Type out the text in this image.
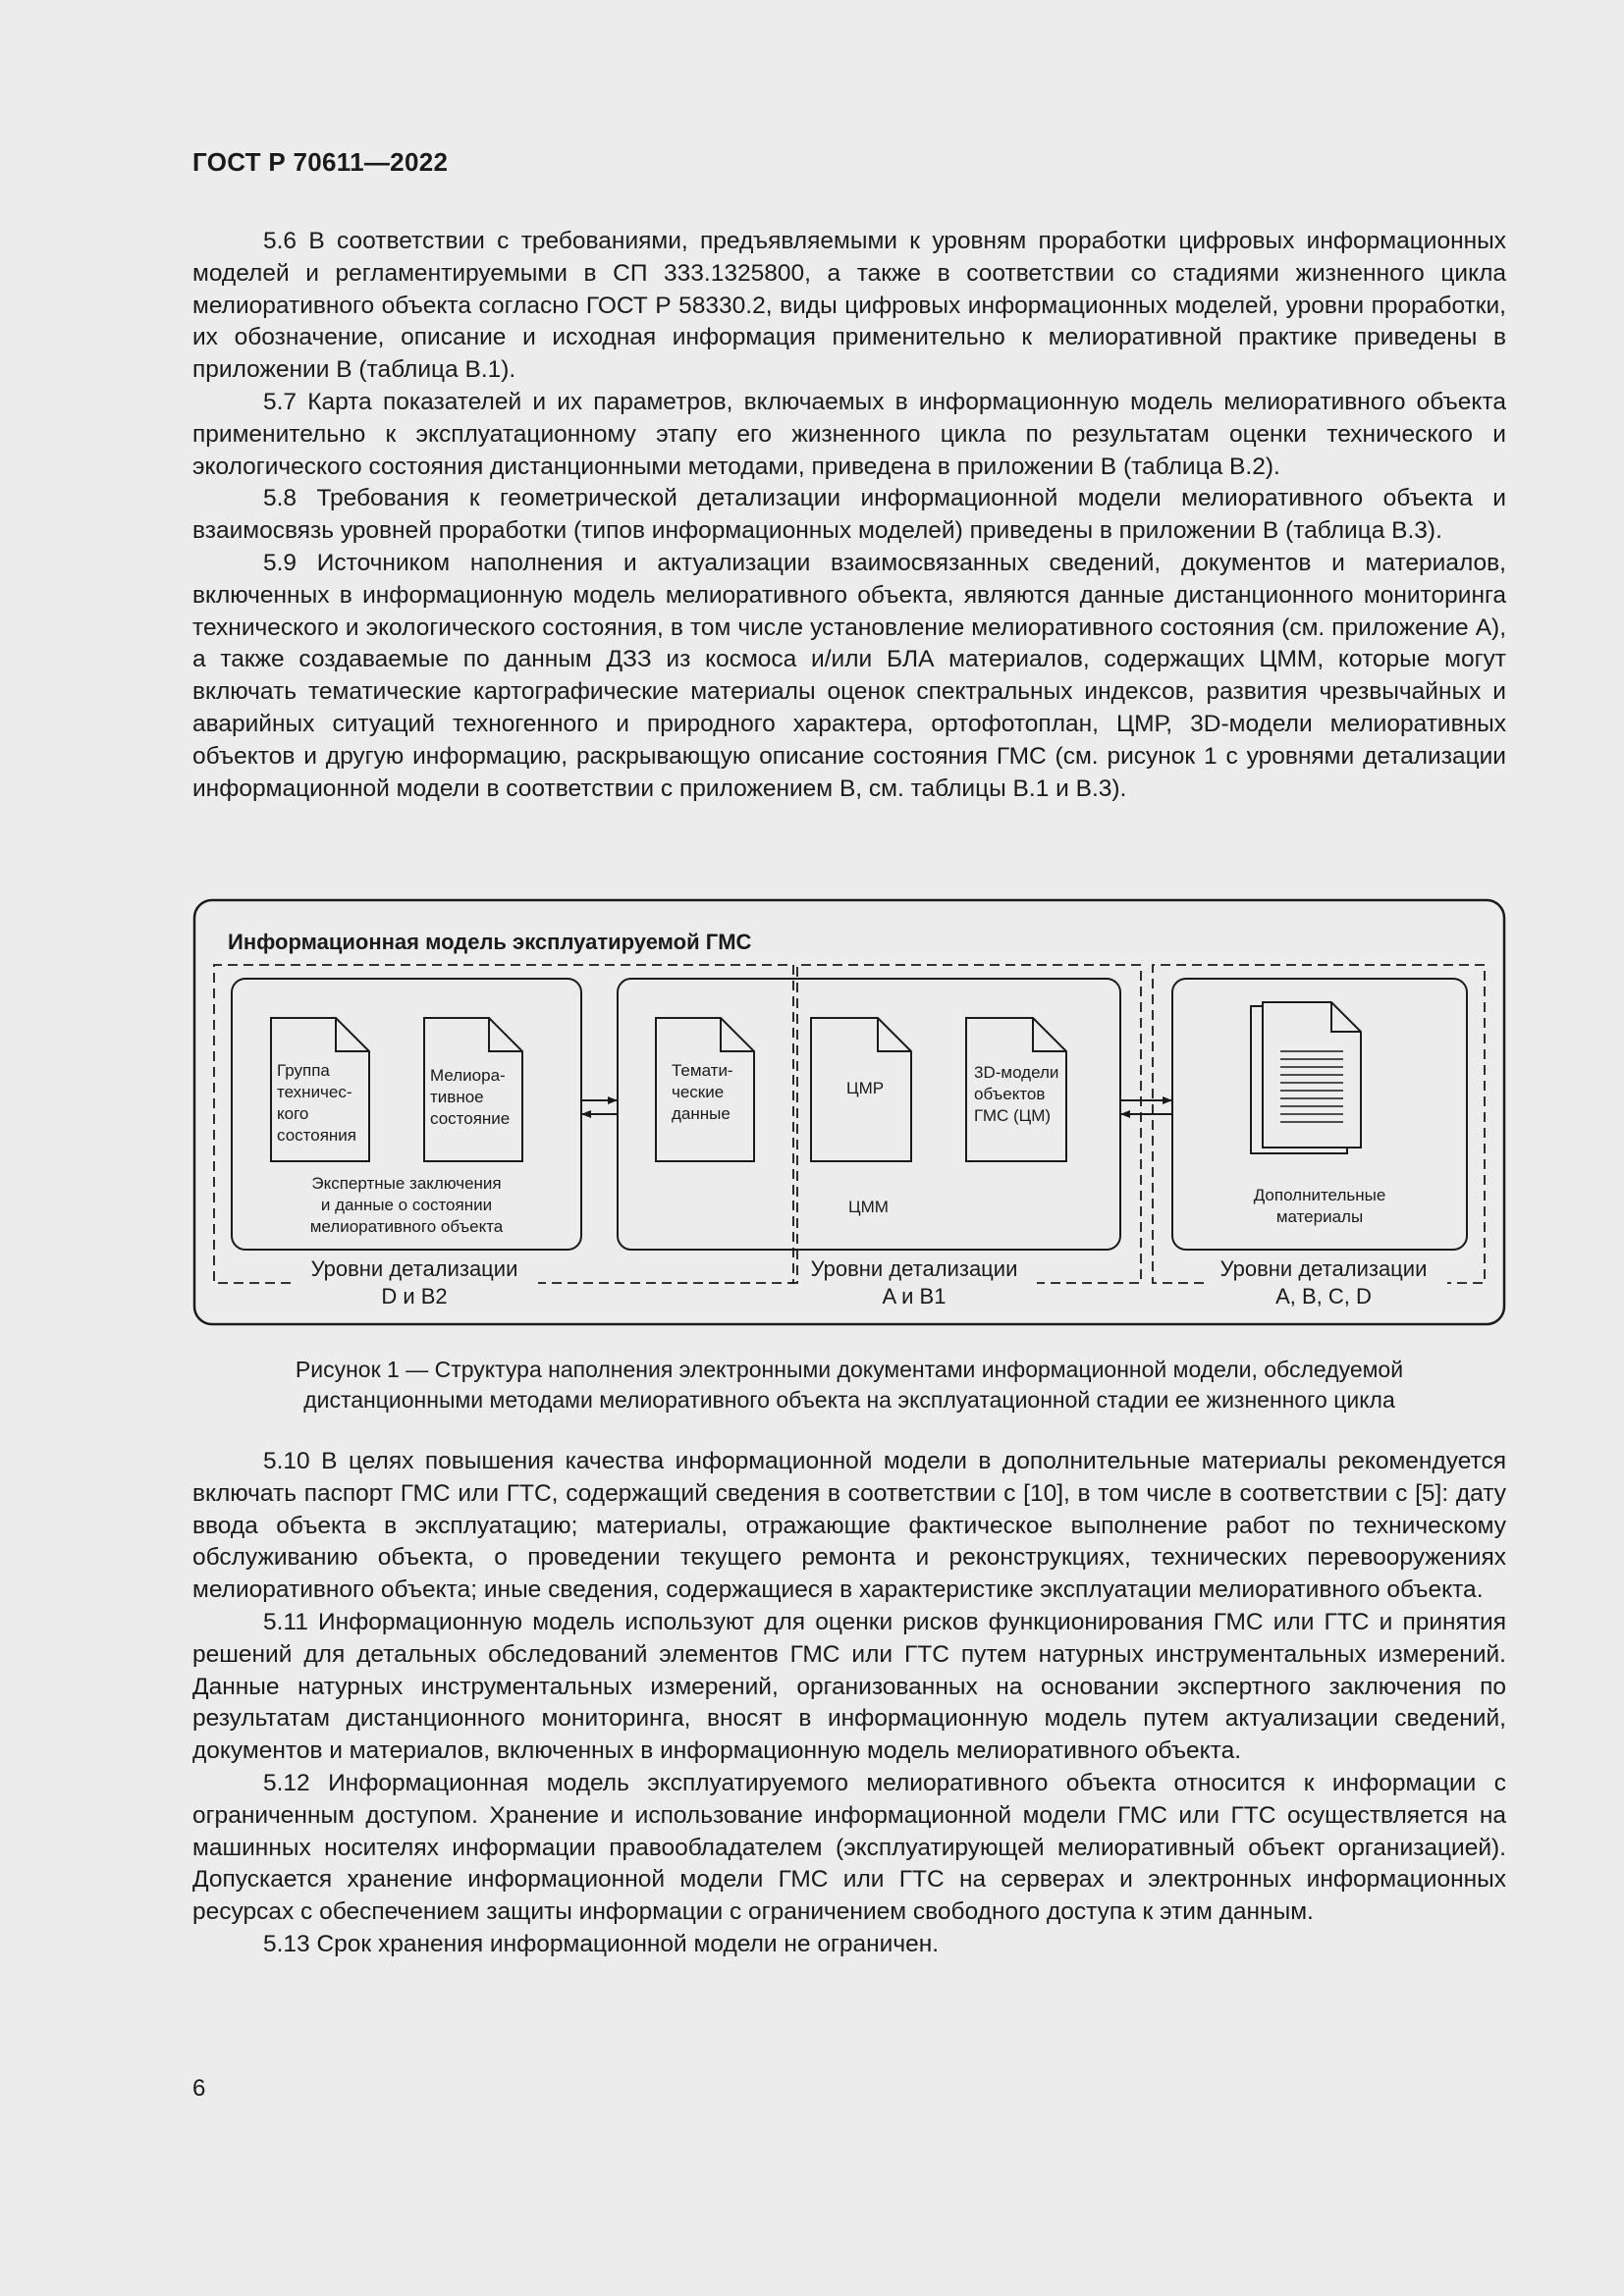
ГОСТ Р 70611—2022

5.6 В соответствии с требованиями, предъявляемыми к уровням проработки цифровых информационных моделей и регламентируемыми в СП 333.1325800, а также в соответствии со стадиями жизненного цикла мелиоративного объекта согласно ГОСТ Р 58330.2, виды цифровых информационных моделей, уровни проработки, их обозначение, описание и исходная информация применительно к мелиоративной практике приведены в приложении В (таблица В.1).

5.7 Карта показателей и их параметров, включаемых в информационную модель мелиоративного объекта применительно к эксплуатационному этапу его жизненного цикла по результатам оценки технического и экологического состояния дистанционными методами, приведена в приложении В (таблица В.2).

5.8 Требования к геометрической детализации информационной модели мелиоративного объекта и взаимосвязь уровней проработки (типов информационных моделей) приведены в приложении В (таблица В.3).

5.9 Источником наполнения и актуализации взаимосвязанных сведений, документов и материалов, включенных в информационную модель мелиоративного объекта, являются данные дистанционного мониторинга технического и экологического состояния, в том числе установление мелиоративного состояния (см. приложение А), а также создаваемые по данным ДЗЗ из космоса и/или БЛА материалов, содержащих ЦММ, которые могут включать тематические картографические материалы оценок спектральных индексов, развития чрезвычайных и аварийных ситуаций техногенного и природного характера, ортофотоплан, ЦМР, 3D-модели мелиоративных объектов и другую информацию, раскрывающую описание состояния ГМС (см. рисунок 1 с уровнями детализации информационной модели в соответствии с приложением В, см. таблицы В.1 и В.3).

Информационная модель эксплуатируемой ГМС
Группа
техничес-
кого
состояния
Мелиора-
тивное
состояние
Экспертные заключения
и данные о состоянии
мелиоративного объекта
Темати-
ческие
данные
ЦМР
3D-модели
объектов
ГМС (ЦМ)
ЦММ
Дополнительные
материалы
Уровни детализации
D и B2
Уровни детализации
A и B1
Уровни детализации
A, B, C, D
Рисунок 1 — Структура наполнения электронными документами информационной модели, обследуемой
дистанционными методами мелиоративного объекта на эксплуатационной стадии ее жизненного цикла

5.10 В целях повышения качества информационной модели в дополнительные материалы рекомендуется включать паспорт ГМС или ГТС, содержащий сведения в соответствии с [10], в том числе в соответствии с [5]: дату ввода объекта в эксплуатацию; материалы, отражающие фактическое выполнение работ по техническому обслуживанию объекта, о проведении текущего ремонта и реконструкциях, технических перевооружениях мелиоративного объекта; иные сведения, содержащиеся в характеристике эксплуатации мелиоративного объекта.

5.11 Информационную модель используют для оценки рисков функционирования ГМС или ГТС и принятия решений для детальных обследований элементов ГМС или ГТС путем натурных инструментальных измерений. Данные натурных инструментальных измерений, организованных на основании экспертного заключения по результатам дистанционного мониторинга, вносят в информационную модель путем актуализации сведений, документов и материалов, включенных в информационную модель мелиоративного объекта.

5.12 Информационная модель эксплуатируемого мелиоративного объекта относится к информации с ограниченным доступом. Хранение и использование информационной модели ГМС или ГТС осуществляется на машинных носителях информации правообладателем (эксплуатирующей мелиоративный объект организацией). Допускается хранение информационной модели ГМС или ГТС на серверах и электронных информационных ресурсах с обеспечением защиты информации с ограничением свободного доступа к этим данным.

5.13 Срок хранения информационной модели не ограничен.

6
